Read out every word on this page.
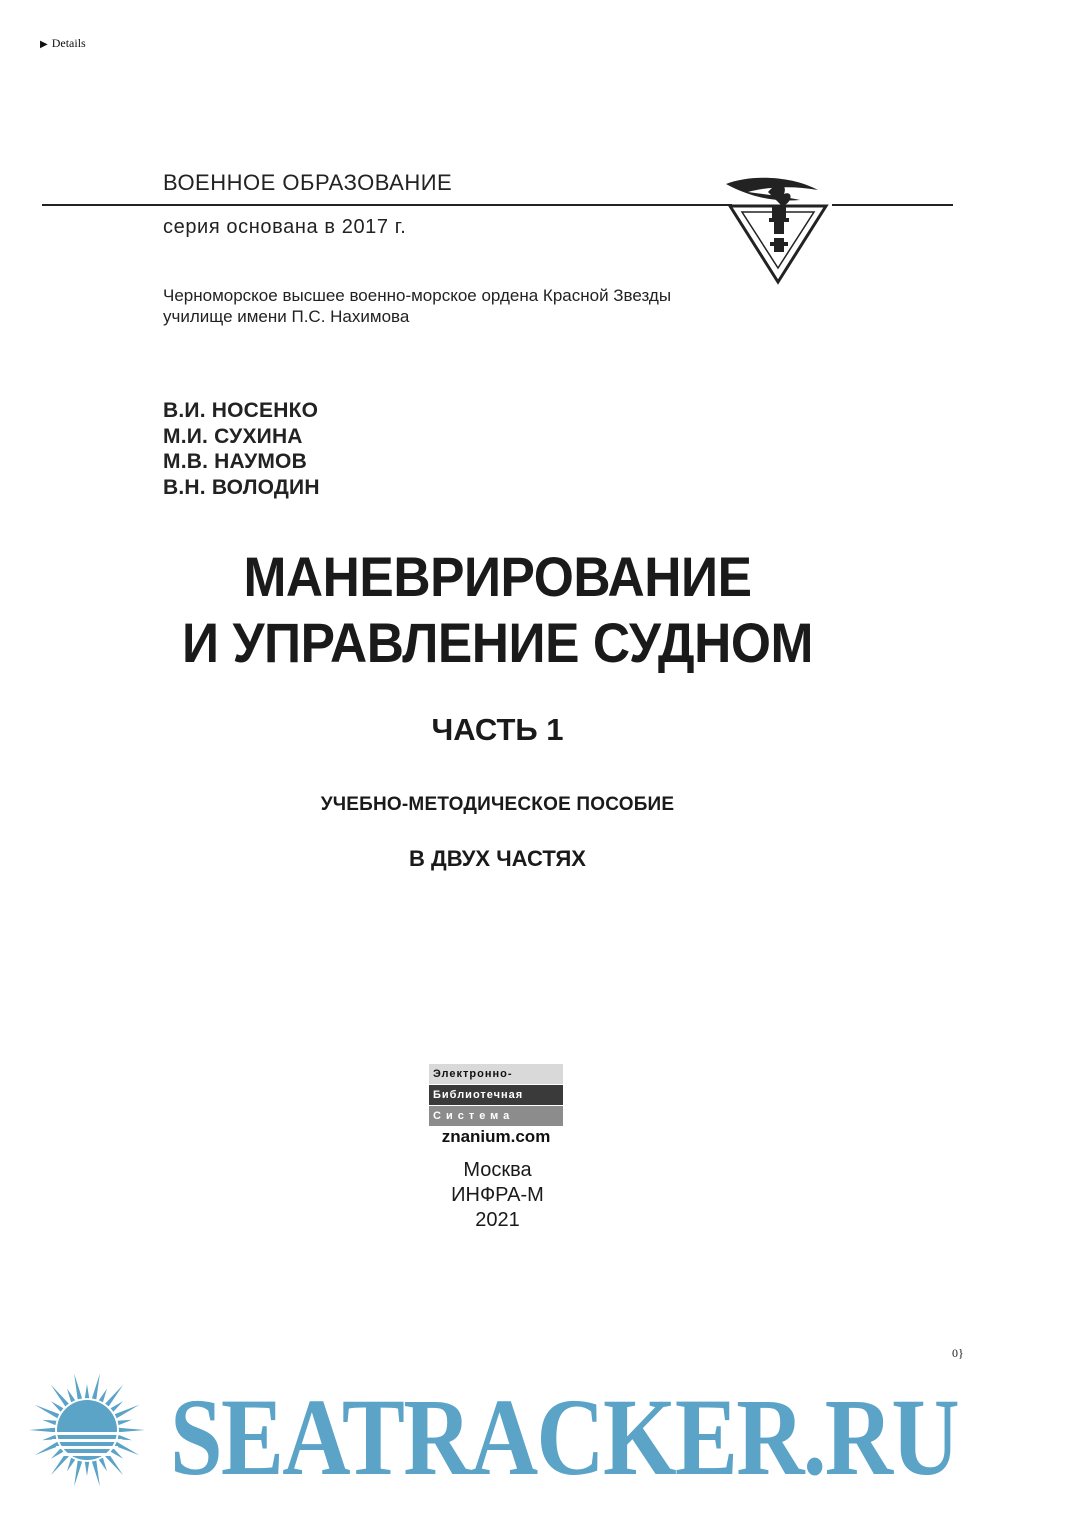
▶ Details
ВОЕННОЕ ОБРАЗОВАНИЕ
серия основана в 2017 г.
Черноморское высшее военно-морское ордена Красной Звезды
училище имени П.С. Нахимова
В.И. НОСЕНКО
М.И. СУХИНА
М.В. НАУМОВ
В.Н. ВОЛОДИН
МАНЕВРИРОВАНИЕ
И УПРАВЛЕНИЕ СУДНОМ
ЧАСТЬ 1
УЧЕБНО-МЕТОДИЧЕСКОЕ ПОСОБИЕ
В ДВУХ ЧАСТЯХ
Электронно-
Библиотечная
Система
znanium.com
Москва
ИНФРА-М
2021
0}
SEATRACKER.RU
